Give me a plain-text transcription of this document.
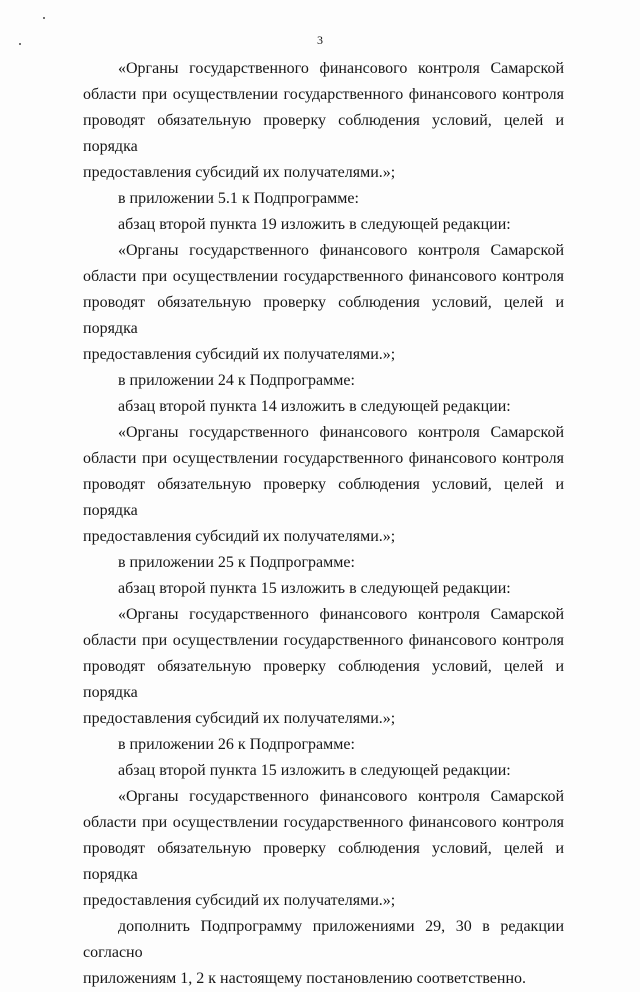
3

«Органы государственного финансового контроля Самарской

области при осуществлении государственного финансового контроля

проводят обязательную проверку соблюдения условий, целей и порядка

предоставления субсидий их получателями.»;

в приложении 5.1 к Подпрограмме:

абзац второй пункта 19 изложить в следующей редакции:

«Органы государственного финансового контроля Самарской

области при осуществлении государственного финансового контроля

проводят обязательную проверку соблюдения условий, целей и порядка

предоставления субсидий их получателями.»;

в приложении 24 к Подпрограмме:

абзац второй пункта 14 изложить в следующей редакции:

«Органы государственного финансового контроля Самарской

области при осуществлении государственного финансового контроля

проводят обязательную проверку соблюдения условий, целей и порядка

предоставления субсидий их получателями.»;

в приложении 25 к Подпрограмме:

абзац второй пункта 15 изложить в следующей редакции:

«Органы государственного финансового контроля Самарской

области при осуществлении государственного финансового контроля

проводят обязательную проверку соблюдения условий, целей и порядка

предоставления субсидий их получателями.»;

в приложении 26 к Подпрограмме:

абзац второй пункта 15 изложить в следующей редакции:

«Органы государственного финансового контроля Самарской

области при осуществлении государственного финансового контроля

проводят обязательную проверку соблюдения условий, целей и порядка

предоставления субсидий их получателями.»;

дополнить Подпрограмму приложениями 29, 30 в редакции согласно

приложениям 1, 2 к настоящему постановлению соответственно.
